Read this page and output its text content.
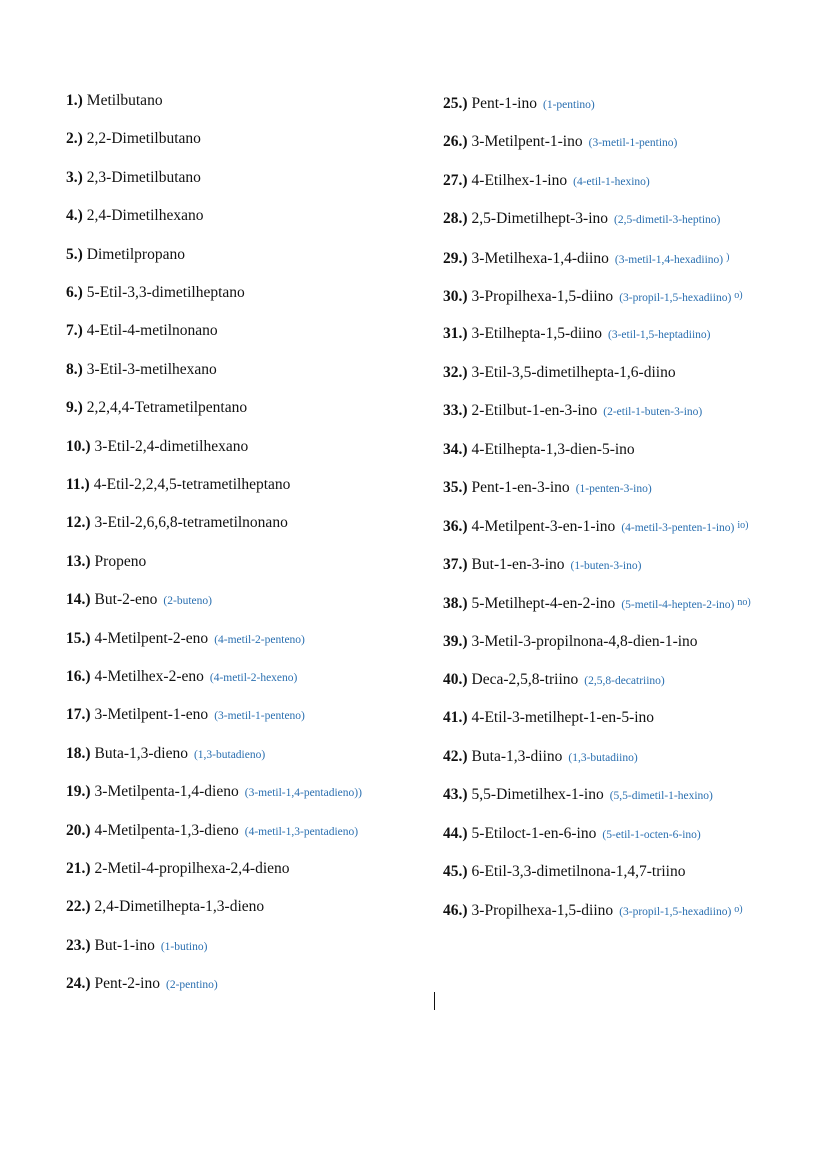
1.) Metilbutano
2.) 2,2-Dimetilbutano
3.) 2,3-Dimetilbutano
4.) 2,4-Dimetilhexano
5.) Dimetilpropano
6.) 5-Etil-3,3-dimetilheptano
7.) 4-Etil-4-metilnonano
8.) 3-Etil-3-metilhexano
9.) 2,2,4,4-Tetrametilpentano
10.) 3-Etil-2,4-dimetilhexano
11.) 4-Etil-2,2,4,5-tetrametilheptano
12.) 3-Etil-2,6,6,8-tetrametilnonano
13.) Propeno
14.) But-2-eno (2-buteno)
15.) 4-Metilpent-2-eno (4-metil-2-penteno)
16.) 4-Metilhex-2-eno (4-metil-2-hexeno)
17.) 3-Metilpent-1-eno (3-metil-1-penteno)
18.) Buta-1,3-dieno (1,3-butadieno)
19.) 3-Metilpenta-1,4-dieno (3-metil-1,4-pentadieno))
20.) 4-Metilpenta-1,3-dieno (4-metil-1,3-pentadieno)
21.) 2-Metil-4-propilhexa-2,4-dieno
22.) 2,4-Dimetilhepta-1,3-dieno
23.) But-1-ino (1-butino)
24.) Pent-2-ino (2-pentino)
25.) Pent-1-ino (1-pentino)
26.) 3-Metilpent-1-ino (3-metil-1-pentino)
27.) 4-Etilhex-1-ino (4-etil-1-hexino)
28.) 2,5-Dimetilhept-3-ino (2,5-dimetil-3-heptino)
29.) 3-Metilhexa-1,4-diino (3-metil-1,4-hexadiino) )
30.) 3-Propilhexa-1,5-diino (3-propil-1,5-hexadiino) o)
31.) 3-Etilhepta-1,5-diino (3-etil-1,5-heptadiino)
32.) 3-Etil-3,5-dimetilhepta-1,6-diino
33.) 2-Etilbut-1-en-3-ino (2-etil-1-buten-3-ino)
34.) 4-Etilhepta-1,3-dien-5-ino
35.) Pent-1-en-3-ino (1-penten-3-ino)
36.) 4-Metilpent-3-en-1-ino (4-metil-3-penten-1-ino) io)
37.) But-1-en-3-ino (1-buten-3-ino)
38.) 5-Metilhept-4-en-2-ino (5-metil-4-hepten-2-ino) no)
39.) 3-Metil-3-propilnona-4,8-dien-1-ino
40.) Deca-2,5,8-triino (2,5,8-decatriino)
41.) 4-Etil-3-metilhept-1-en-5-ino
42.) Buta-1,3-diino (1,3-butadiino)
43.) 5,5-Dimetilhex-1-ino (5,5-dimetil-1-hexino)
44.) 5-Etiloct-1-en-6-ino (5-etil-1-octen-6-ino)
45.) 6-Etil-3,3-dimetilnona-1,4,7-triino
46.) 3-Propilhexa-1,5-diino (3-propil-1,5-hexadiino) o)
